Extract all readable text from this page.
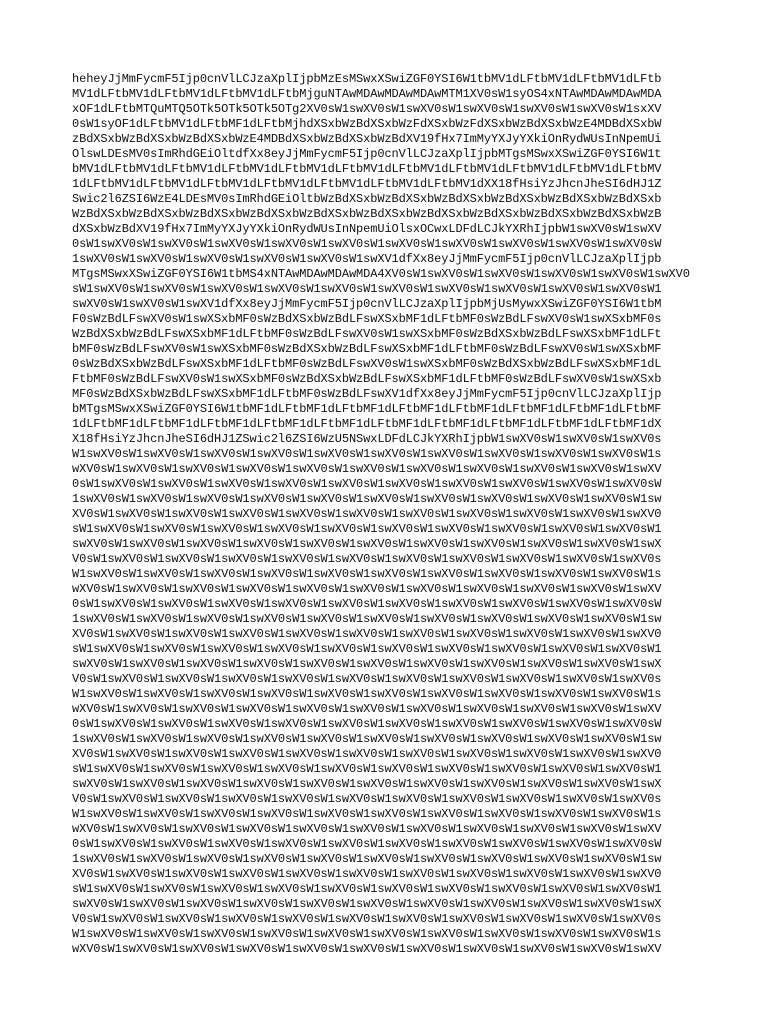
heheyJjMmFycmF5Ijp0cnVlLCJzaXplIjpbMzEsMSwxXSwiZGF0YSI6W1tbMV1dLFtbMV1dLFtbMV1dLFtb
MV1dLFtbMV1dLFtbMV1dLFtbMV1dLFtbMjguNTAwMDAwMDAwMDAwMTM1XV0sW1syOS4xNTAwMDAwMDAwMDA
xOF1dLFtbMTQuMTQ5OTk5OTk5OTk5OTg2XV0sW1swXV0sW1swXV0sW1swXV0sW1swXV0sW1swXV0sW1sxXV
0sW1syOF1dLFtbMV1dLFtbMF1dLFtbMjhdXSxbWzBdXSxbWzFdXSxbWzFdXSxbWzBdXSxbWzE4MDBdXSxbW
zBdXSxbWzBdXSxbWzBdXSxbWzE4MDBdXSxbWzBdXSxbWzBdXV19fHx7ImMyYXJyYXkiOnRydWUsInNpemUi
OlswLDEsMV0sImRhdGEiOltdfXx8eyJjMmFycmF5Ijp0cnVlLCJzaXplIjpbMTgsMSwxXSwiZGF0YSI6W1t
bMV1dLFtbMV1dLFtbMV1dLFtbMV1dLFtbMV1dLFtbMV1dLFtbMV1dLFtbMV1dLFtbMV1dLFtbMV1dLFtbMV
1dLFtbMV1dLFtbMV1dLFtbMV1dLFtbMV1dLFtbMV1dLFtbMV1dLFtbMV1dXX18fHsiYzJhcnJheSI6dHJ1Z
Swic2l6ZSI6WzE4LDEsMV0sImRhdGEiOltbWzBdXSxbWzBdXSxbWzBdXSxbWzBdXSxbWzBdXSxbWzBdXSxb
WzBdXSxbWzBdXSxbWzBdXSxbWzBdXSxbWzBdXSxbWzBdXSxbWzBdXSxbWzBdXSxbWzBdXSxbWzBdXSxbWzB
dXSxbWzBdXV19fHx7ImMyYXJyYXkiOnRydWUsInNpemUiOlsxOCwxLDFdLCJkYXRhIjpbW1swXV0sW1swXV
0sW1swXV0sW1swXV0sW1swXV0sW1swXV0sW1swXV0sW1swXV0sW1swXV0sW1swXV0sW1swXV0sW1swXV0sW
1swXV0sW1swXV0sW1swXV0sW1swXV0sW1swXV0sW1swXV1dfXx8eyJjMmFycmF5Ijp0cnVlLCJzaXplIjpb
MTgsMSwxXSwiZGF0YSI6W1tbMS4xNTAwMDAwMDAwMDA4XV0sW1swXV0sW1swXV0sW1swXV0sW1swXV0sW1swXV0
sW1swXV0sW1swXV0sW1swXV0sW1swXV0sW1swXV0sW1swXV0sW1swXV0sW1swXV0sW1swXV0sW1swXV0sW1
swXV0sW1swXV0sW1swXV1dfXx8eyJjMmFycmF5Ijp0cnVlLCJzaXplIjpbMjUsMywxXSwiZGF0YSI6W1tbM
F0sWzBdLFswXV0sW1swXSxbMF0sWzBdXSxbWzBdLFswXSxbMF1dLFtbMF0sWzBdLFswXV0sW1swXSxbMF0s
WzBdXSxbWzBdLFswXSxbMF1dLFtbMF0sWzBdLFswXV0sW1swXSxbMF0sWzBdXSxbWzBdLFswXSxbMF1dLFt
bMF0sWzBdLFswXV0sW1swXSxbMF0sWzBdXSxbWzBdLFswXSxbMF1dLFtbMF0sWzBdLFswXV0sW1swXSxbMF
0sWzBdXSxbWzBdLFswXSxbMF1dLFtbMF0sWzBdLFswXV0sW1swXSxbMF0sWzBdXSxbWzBdLFswXSxbMF1dL
FtbMF0sWzBdLFswXV0sW1swXSxbMF0sWzBdXSxbWzBdLFswXSxbMF1dLFtbMF0sWzBdLFswXV0sW1swXSxb
MF0sWzBdXSxbWzBdLFswXSxbMF1dLFtbMF0sWzBdLFswXV1dfXx8eyJjMmFycmF5Ijp0cnVlLCJzaXplIjp
bMTgsMSwxXSwiZGF0YSI6W1tbMF1dLFtbMF1dLFtbMF1dLFtbMF1dLFtbMF1dLFtbMF1dLFtbMF1dLFtbMF
1dLFtbMF1dLFtbMF1dLFtbMF1dLFtbMF1dLFtbMF1dLFtbMF1dLFtbMF1dLFtbMF1dLFtbMF1dLFtbMF1dX
X18fHsiYzJhcnJheSI6dHJ1ZSwic2l6ZSI6WzU5NSwxLDFdLCJkYXRhIjpbW1swXV0sW1swXV0sW1swXV0s
W1swXV0sW1swXV0sW1swXV0sW1swXV0sW1swXV0sW1swXV0sW1swXV0sW1swXV0sW1swXV0sW1swXV0sW1s
wXV0sW1swXV0sW1swXV0sW1swXV0sW1swXV0sW1swXV0sW1swXV0sW1swXV0sW1swXV0sW1swXV0sW1swXV
0sW1swXV0sW1swXV0sW1swXV0sW1swXV0sW1swXV0sW1swXV0sW1swXV0sW1swXV0sW1swXV0sW1swXV0sW
1swXV0sW1swXV0sW1swXV0sW1swXV0sW1swXV0sW1swXV0sW1swXV0sW1swXV0sW1swXV0sW1swXV0sW1sw
XV0sW1swXV0sW1swXV0sW1swXV0sW1swXV0sW1swXV0sW1swXV0sW1swXV0sW1swXV0sW1swXV0sW1swXV0
sW1swXV0sW1swXV0sW1swXV0sW1swXV0sW1swXV0sW1swXV0sW1swXV0sW1swXV0sW1swXV0sW1swXV0sW1
swXV0sW1swXV0sW1swXV0sW1swXV0sW1swXV0sW1swXV0sW1swXV0sW1swXV0sW1swXV0sW1swXV0sW1swX
V0sW1swXV0sW1swXV0sW1swXV0sW1swXV0sW1swXV0sW1swXV0sW1swXV0sW1swXV0sW1swXV0sW1swXV0s
W1swXV0sW1swXV0sW1swXV0sW1swXV0sW1swXV0sW1swXV0sW1swXV0sW1swXV0sW1swXV0sW1swXV0sW1s
wXV0sW1swXV0sW1swXV0sW1swXV0sW1swXV0sW1swXV0sW1swXV0sW1swXV0sW1swXV0sW1swXV0sW1swXV
0sW1swXV0sW1swXV0sW1swXV0sW1swXV0sW1swXV0sW1swXV0sW1swXV0sW1swXV0sW1swXV0sW1swXV0sW
1swXV0sW1swXV0sW1swXV0sW1swXV0sW1swXV0sW1swXV0sW1swXV0sW1swXV0sW1swXV0sW1swXV0sW1sw
XV0sW1swXV0sW1swXV0sW1swXV0sW1swXV0sW1swXV0sW1swXV0sW1swXV0sW1swXV0sW1swXV0sW1swXV0
sW1swXV0sW1swXV0sW1swXV0sW1swXV0sW1swXV0sW1swXV0sW1swXV0sW1swXV0sW1swXV0sW1swXV0sW1
swXV0sW1swXV0sW1swXV0sW1swXV0sW1swXV0sW1swXV0sW1swXV0sW1swXV0sW1swXV0sW1swXV0sW1swX
V0sW1swXV0sW1swXV0sW1swXV0sW1swXV0sW1swXV0sW1swXV0sW1swXV0sW1swXV0sW1swXV0sW1swXV0s
W1swXV0sW1swXV0sW1swXV0sW1swXV0sW1swXV0sW1swXV0sW1swXV0sW1swXV0sW1swXV0sW1swXV0sW1s
wXV0sW1swXV0sW1swXV0sW1swXV0sW1swXV0sW1swXV0sW1swXV0sW1swXV0sW1swXV0sW1swXV0sW1swXV
0sW1swXV0sW1swXV0sW1swXV0sW1swXV0sW1swXV0sW1swXV0sW1swXV0sW1swXV0sW1swXV0sW1swXV0sW
1swXV0sW1swXV0sW1swXV0sW1swXV0sW1swXV0sW1swXV0sW1swXV0sW1swXV0sW1swXV0sW1swXV0sW1sw
XV0sW1swXV0sW1swXV0sW1swXV0sW1swXV0sW1swXV0sW1swXV0sW1swXV0sW1swXV0sW1swXV0sW1swXV0
sW1swXV0sW1swXV0sW1swXV0sW1swXV0sW1swXV0sW1swXV0sW1swXV0sW1swXV0sW1swXV0sW1swXV0sW1
swXV0sW1swXV0sW1swXV0sW1swXV0sW1swXV0sW1swXV0sW1swXV0sW1swXV0sW1swXV0sW1swXV0sW1swX
V0sW1swXV0sW1swXV0sW1swXV0sW1swXV0sW1swXV0sW1swXV0sW1swXV0sW1swXV0sW1swXV0sW1swXV0s
W1swXV0sW1swXV0sW1swXV0sW1swXV0sW1swXV0sW1swXV0sW1swXV0sW1swXV0sW1swXV0sW1swXV0sW1s
wXV0sW1swXV0sW1swXV0sW1swXV0sW1swXV0sW1swXV0sW1swXV0sW1swXV0sW1swXV0sW1swXV0sW1swXV
0sW1swXV0sW1swXV0sW1swXV0sW1swXV0sW1swXV0sW1swXV0sW1swXV0sW1swXV0sW1swXV0sW1swXV0sW
1swXV0sW1swXV0sW1swXV0sW1swXV0sW1swXV0sW1swXV0sW1swXV0sW1swXV0sW1swXV0sW1swXV0sW1sw
XV0sW1swXV0sW1swXV0sW1swXV0sW1swXV0sW1swXV0sW1swXV0sW1swXV0sW1swXV0sW1swXV0sW1swXV0
sW1swXV0sW1swXV0sW1swXV0sW1swXV0sW1swXV0sW1swXV0sW1swXV0sW1swXV0sW1swXV0sW1swXV0sW1
swXV0sW1swXV0sW1swXV0sW1swXV0sW1swXV0sW1swXV0sW1swXV0sW1swXV0sW1swXV0sW1swXV0sW1swX
V0sW1swXV0sW1swXV0sW1swXV0sW1swXV0sW1swXV0sW1swXV0sW1swXV0sW1swXV0sW1swXV0sW1swXV0s
W1swXV0sW1swXV0sW1swXV0sW1swXV0sW1swXV0sW1swXV0sW1swXV0sW1swXV0sW1swXV0sW1swXV0sW1s
wXV0sW1swXV0sW1swXV0sW1swXV0sW1swXV0sW1swXV0sW1swXV0sW1swXV0sW1swXV0sW1swXV0sW1swXV
